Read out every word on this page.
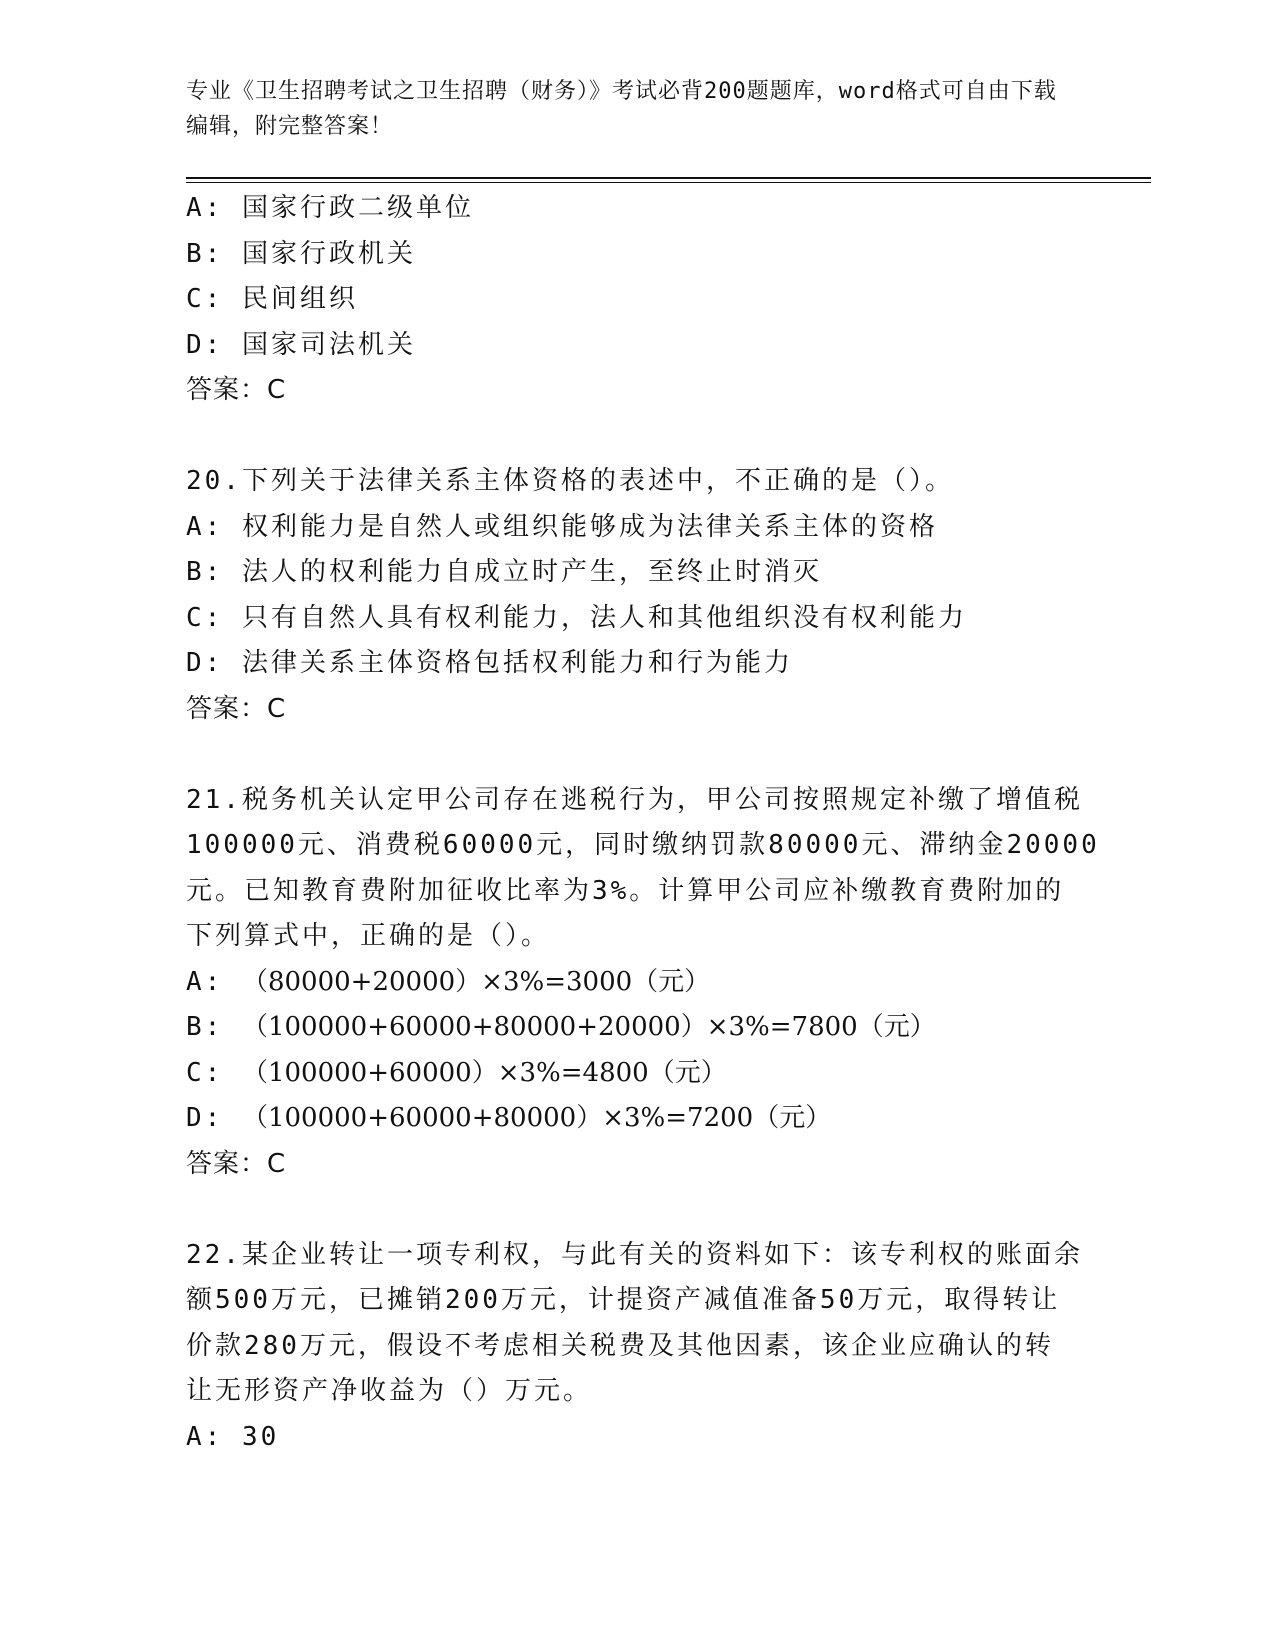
专业《卫生招聘考试之卫生招聘（财务）》考试必背200题题库，word格式可自由下载编辑，附完整答案！

A: 国家行政二级单位

B: 国家行政机关

C: 民间组织

D: 国家司法机关

答案：C

20.下列关于法律关系主体资格的表述中，不正确的是（）。

A: 权利能力是自然人或组织能够成为法律关系主体的资格

B: 法人的权利能力自成立时产生，至终止时消灭

C: 只有自然人具有权利能力，法人和其他组织没有权利能力

D: 法律关系主体资格包括权利能力和行为能力

答案：C

21.税务机关认定甲公司存在逃税行为，甲公司按照规定补缴了增值税

100000元、消费税60000元，同时缴纳罚款80000元、滞纳金20000

元。已知教育费附加征收比率为3%。计算甲公司应补缴教育费附加的

下列算式中，正确的是（）。

A: （80000+20000）×3%=3000（元）

B: （100000+60000+80000+20000）×3%=7800（元）

C: （100000+60000）×3%=4800（元）

D: （100000+60000+80000）×3%=7200（元）

答案：C

22.某企业转让一项专利权，与此有关的资料如下：该专利权的账面余

额500万元，已摊销200万元，计提资产减值准备50万元，取得转让

价款280万元，假设不考虑相关税费及其他因素，该企业应确认的转

让无形资产净收益为（）万元。

A: 30
